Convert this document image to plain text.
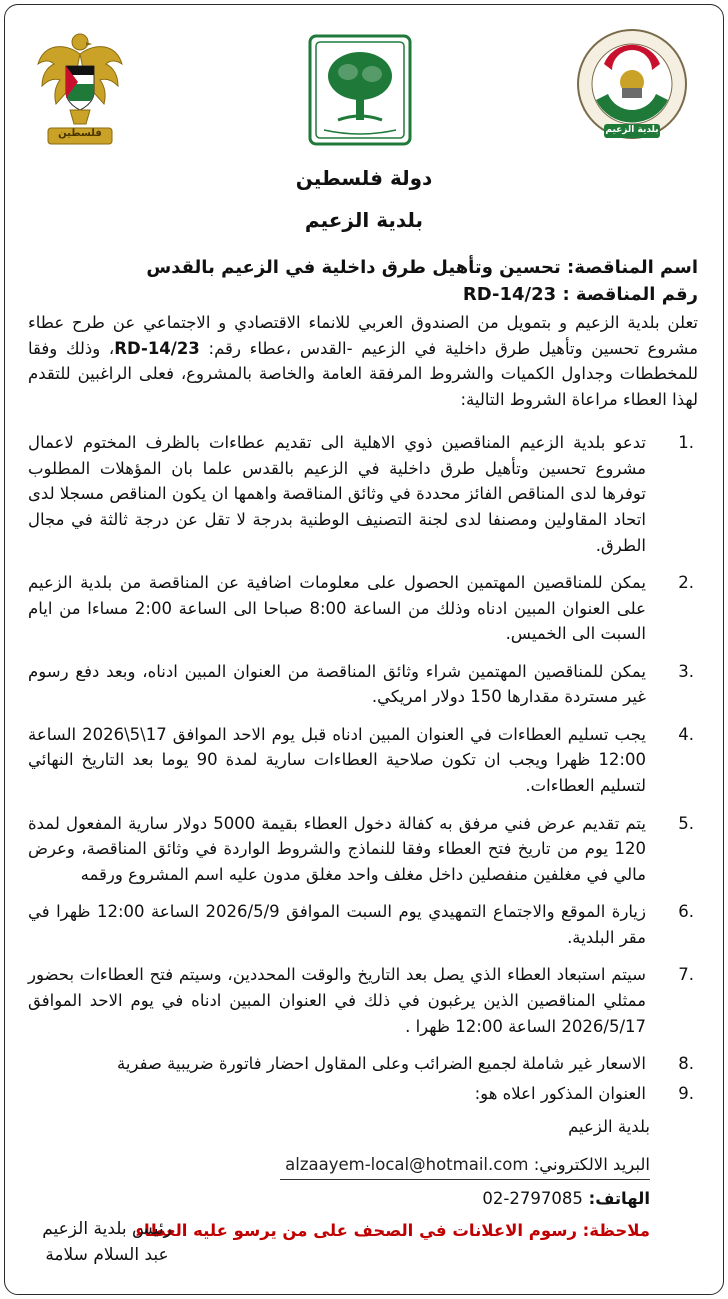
فلسطين	بلدية الزعيم
دولة فلسطين
بلدية الزعيم
اسم المناقصة: تحسين وتأهيل طرق داخلية في الزعيم بالقدس
رقم المناقصة : 23/RD-14
تعلن بلدية الزعيم و بتمويل من الصندوق العربي للانماء الاقتصادي و الاجتماعي عن طرح عطاء مشروع تحسين وتأهيل طرق داخلية في الزعيم -القدس ،عطاء رقم: 23/RD-14، وذلك وفقا للمخططات وجداول الكميات والشروط المرفقة العامة والخاصة بالمشروع، فعلى الراغبين للتقدم لهذا العطاء مراعاة الشروط التالية:
1.
تدعو بلدية الزعيم المناقصين ذوي الاهلية الى تقديم عطاءات بالظرف المختوم لاعمال مشروع تحسين وتأهيل طرق داخلية في الزعيم بالقدس علما بان المؤهلات المطلوب توفرها لدى المناقص الفائز محددة في وثائق المناقصة واهمها ان يكون المناقص مسجلا لدى اتحاد المقاولين ومصنفا لدى لجنة التصنيف الوطنية بدرجة لا تقل عن درجة ثالثة في مجال الطرق.
2.
يمكن للمناقصين المهتمين الحصول على معلومات اضافية عن المناقصة من بلدية الزعيم على العنوان المبين ادناه وذلك من الساعة 8:00 صباحا الى الساعة 2:00 مساءا من ايام السبت الى الخميس.
3.
يمكن للمناقصين المهتمين شراء وثائق المناقصة من العنوان المبين ادناه، وبعد دفع رسوم غير مستردة مقدارها 150 دولار امريكي.
4.
يجب تسليم العطاءات في العنوان المبين ادناه قبل يوم الاحد الموافق 17\5\2026 الساعة 12:00 ظهرا ويجب ان تكون صلاحية العطاءات سارية لمدة 90 يوما بعد التاريخ النهائي لتسليم العطاءات.
5.
يتم تقديم عرض فني مرفق به كفالة دخول العطاء بقيمة 5000 دولار سارية المفعول لمدة 120 يوم من تاريخ فتح العطاء وفقا للنماذج والشروط الواردة في وثائق المناقصة، وعرض مالي في مغلفين منفصلين داخل مغلف واحد مغلق مدون عليه اسم المشروع ورقمه
6.
زيارة الموقع والاجتماع التمهيدي يوم السبت الموافق 2026/5/9 الساعة 12:00 ظهرا في مقر البلدية.
7.
سيتم استبعاد العطاء الذي يصل بعد التاريخ والوقت المحددين، وسيتم فتح العطاءات بحضور ممثلي المناقصين الذين يرغبون في ذلك في العنوان المبين ادناه في يوم الاحد الموافق 2026/5/17 الساعة 12:00 ظهرا .
8.
الاسعار غير شاملة لجميع الضرائب وعلى المقاول احضار فاتورة ضريبية صفرية
9.
العنوان المذكور اعلاه هو:
بلدية الزعيم
البريد الالكتروني: alzaayem-local@hotmail.com
الهاتف: 02-2797085
ملاحظة: رسوم الاعلانات في الصحف على من يرسو عليه العطاء
رئيس بلدية الزعيم
عبد السلام سلامة
